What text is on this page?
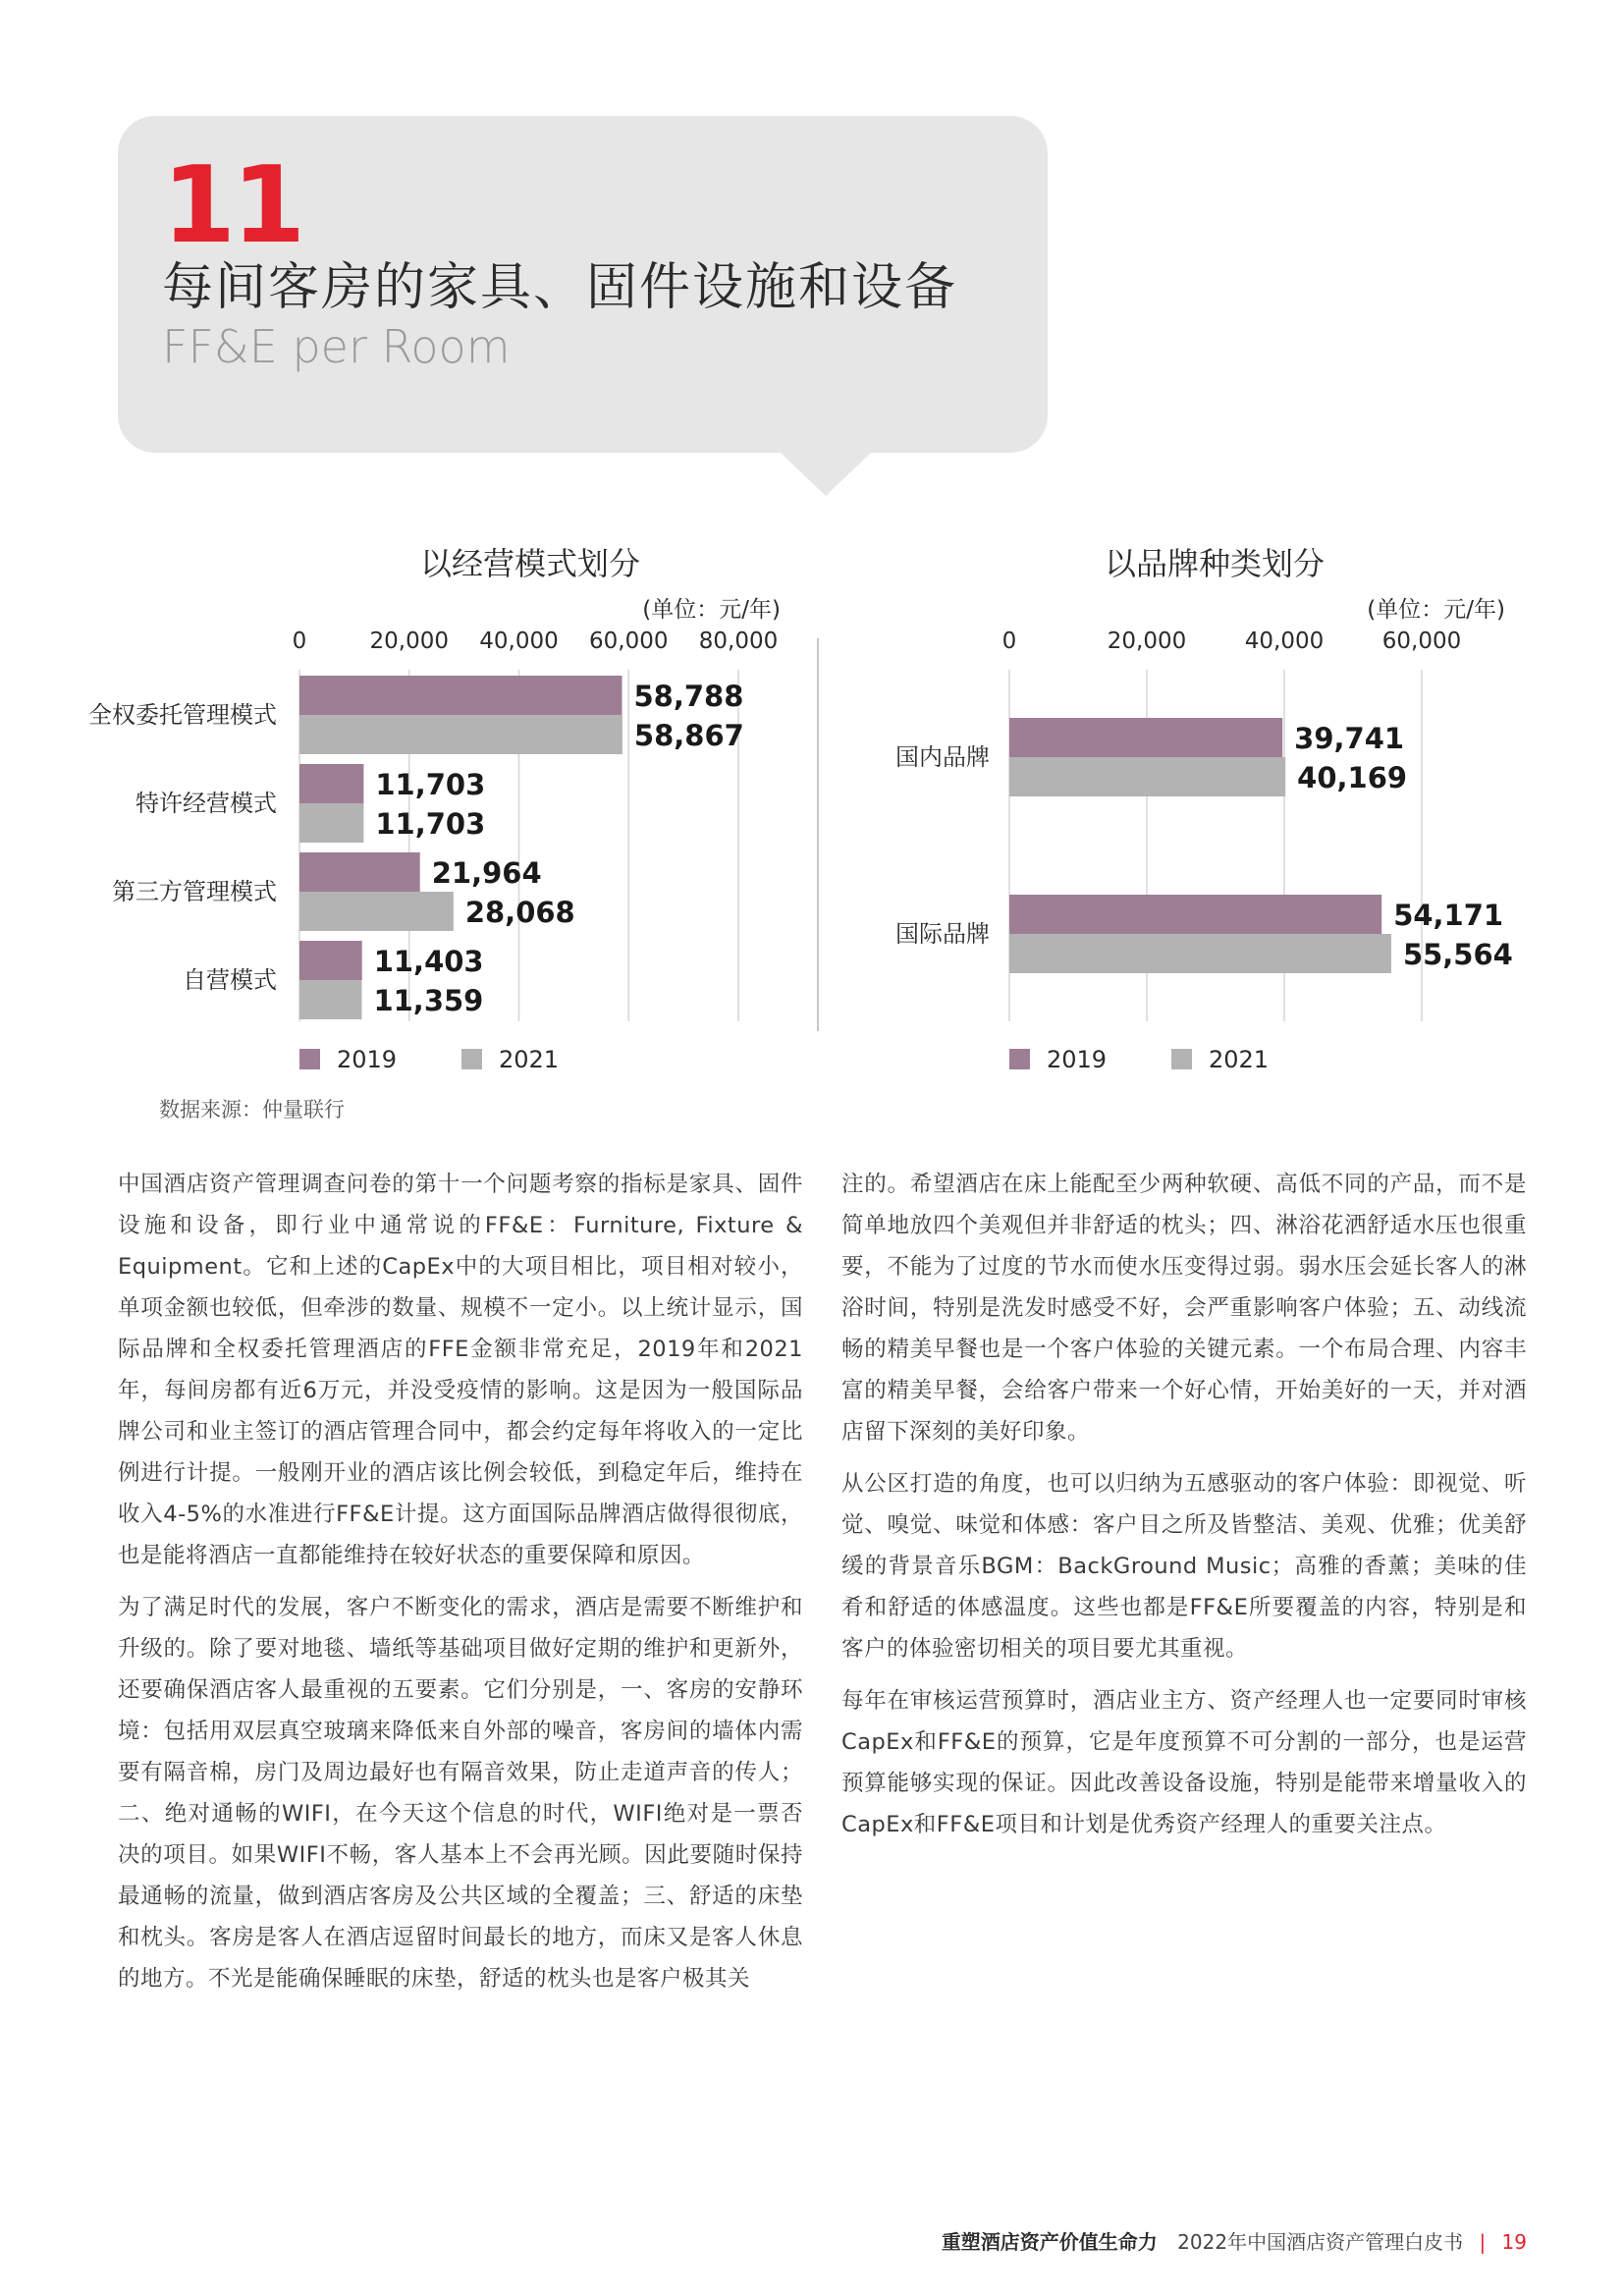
11
每间客房的家具、固件设施和设备
FF&E per Room
以经营模式划分
(单位：元/年)
0	20,000 40,000 60,000 80,000
全权委托管理模式
58,788
58,867
特许经营模式
11,703
11,703
第三方管理模式
21,964
28,068
自营模式
11,403
11,359
2019	2021
以品牌种类划分
(单位：元/年)
0	20,000	40,000	60,000
国内品牌
39,741
40,169
国际品牌
54,171
55,564
2019	2021
数据来源：仲量联行

中国酒店资产管理调查问卷的第十一个问题考察的指标是家具、固件设施和设备，即行业中通常说的FF&E：Furniture, Fixture & Equipment。它和上述的CapEx中的大项目相比，项目相对较小，单项金额也较低，但牵涉的数量、规模不一定小。以上统计显示，国际品牌和全权委托管理酒店的FFE金额非常充足，2019年和2021年，每间房都有近6万元，并没受疫情的影响。这是因为一般国际品牌公司和业主签订的酒店管理合同中，都会约定每年将收入的一定比例进行计提。一般刚开业的酒店该比例会较低，到稳定年后，维持在收入4-5%的水准进行FF&E计提。这方面国际品牌酒店做得很彻底，也是能将酒店一直都能维持在较好状态的重要保障和原因。

为了满足时代的发展，客户不断变化的需求，酒店是需要不断维护和升级的。除了要对地毯、墙纸等基础项目做好定期的维护和更新外，还要确保酒店客人最重视的五要素。它们分别是，一、客房的安静环境：包括用双层真空玻璃来降低来自外部的噪音，客房间的墙体内需要有隔音棉，房门及周边最好也有隔音效果，防止走道声音的传人；二、绝对通畅的WIFI，在今天这个信息的时代，WIFI绝对是一票否决的项目。如果WIFI不畅，客人基本上不会再光顾。因此要随时保持最通畅的流量，做到酒店客房及公共区域的全覆盖；三、舒适的床垫和枕头。客房是客人在酒店逗留时间最长的地方，而床又是客人休息的地方。不光是能确保睡眠的床垫，舒适的枕头也是客户极其关

注的。希望酒店在床上能配至少两种软硬、高低不同的产品，而不是简单地放四个美观但并非舒适的枕头；四、淋浴花洒舒适水压也很重要，不能为了过度的节水而使水压变得过弱。弱水压会延长客人的淋浴时间，特别是洗发时感受不好，会严重影响客户体验；五、动线流畅的精美早餐也是一个客户体验的关键元素。一个布局合理、内容丰富的精美早餐，会给客户带来一个好心情，开始美好的一天，并对酒店留下深刻的美好印象。

从公区打造的角度，也可以归纳为五感驱动的客户体验：即视觉、听觉、嗅觉、味觉和体感：客户目之所及皆整洁、美观、优雅；优美舒缓的背景音乐BGM：BackGround Music；高雅的香薰；美味的佳肴和舒适的体感温度。这些也都是FF&E所要覆盖的内容，特别是和客户的体验密切相关的项目要尤其重视。

每年在审核运营预算时，酒店业主方、资产经理人也一定要同时审核CapEx和FF&E的预算，它是年度预算不可分割的一部分，也是运营预算能够实现的保证。因此改善设备设施，特别是能带来增量收入的CapEx和FF&E项目和计划是优秀资产经理人的重要关注点。

重塑酒店资产价值生命力 2022年中国酒店资产管理白皮书 | 19
